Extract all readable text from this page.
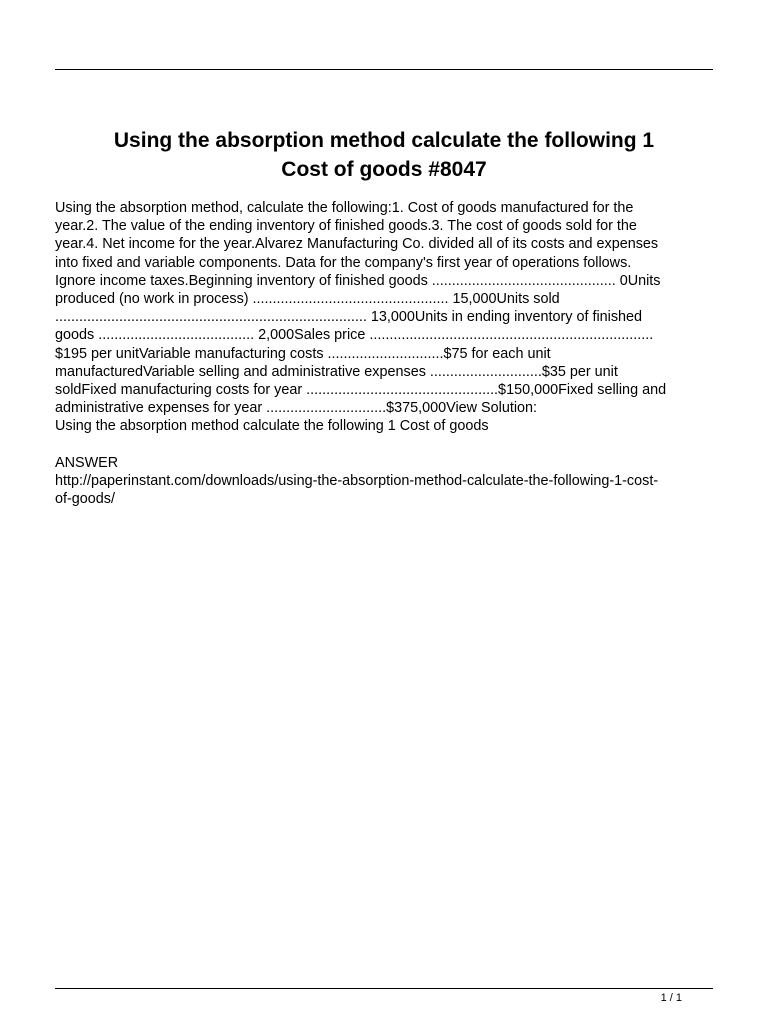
Using the absorption method calculate the following 1
Cost of goods #8047

Using the absorption method, calculate the following:1. Cost of goods manufactured for the

year.2. The value of the ending inventory of finished goods.3. The cost of goods sold for the

year.4. Net income for the year.Alvarez Manufacturing Co. divided all of its costs and expenses

into fixed and variable components. Data for the company's first year of operations follows.

Ignore income taxes.Beginning inventory of finished goods .............................................. 0Units

produced (no work in process) ................................................. 15,000Units sold

.............................................................................. 13,000Units in ending inventory of finished

goods ....................................... 2,000Sales price .......................................................................

$195 per unitVariable manufacturing costs .............................$75 for each unit

manufacturedVariable selling and administrative expenses ............................$35 per unit

soldFixed manufacturing costs for year ................................................$150,000Fixed selling and

administrative expenses for year ..............................$375,000View Solution:

Using the absorption method calculate the following 1 Cost of goods

ANSWER

http://paperinstant.com/downloads/using-the-absorption-method-calculate-the-following-1-cost-

of-goods/

1 / 1
